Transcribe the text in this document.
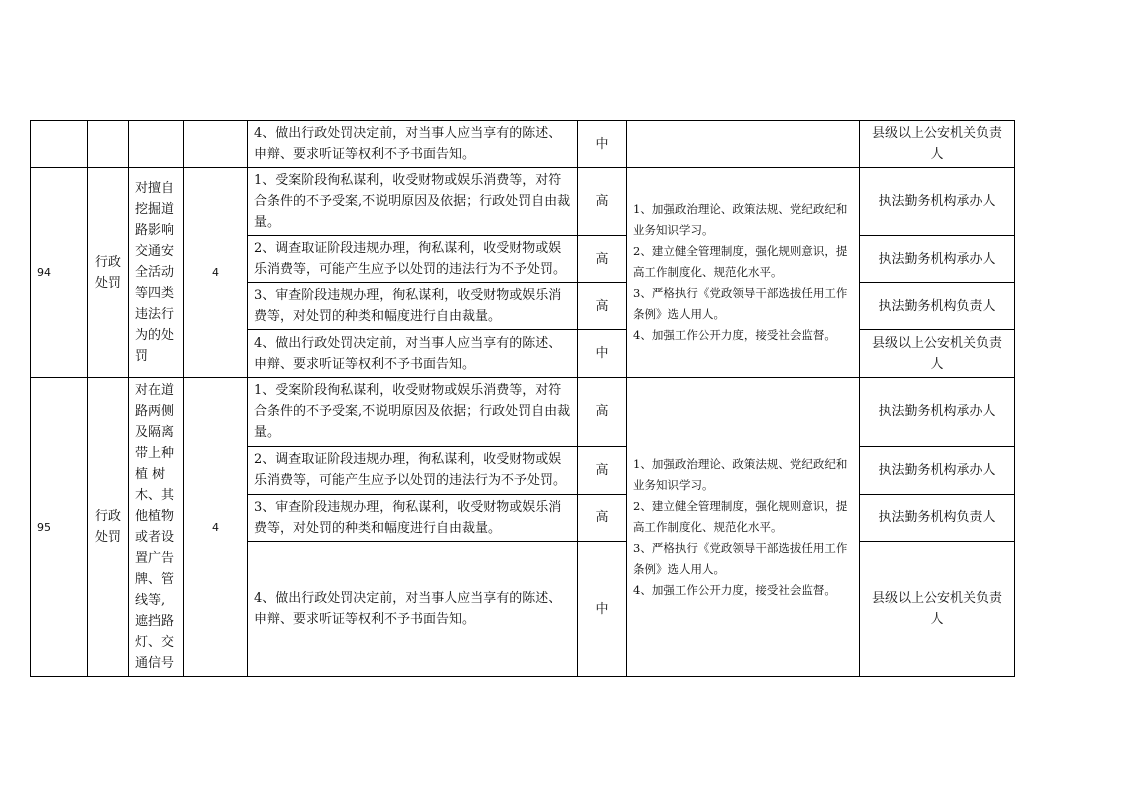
				4、做出行政处罚决定前，对当事人应当享有的陈述、申辩、要求听证等权利不予书面告知。	中		县级以上公安机关负责人
94	行政处罚	对擅自挖掘道路影响交通安全活动等四类违法行为的处罚	4	1、受案阶段徇私谋利，收受财物或娱乐消费等，对符合条件的不予受案,不说明原因及依据；行政处罚自由裁量。	高	1、加强政治理论、政策法规、党纪政纪和业务知识学习。
2、建立健全管理制度，强化规则意识，提高工作制度化、规范化水平。
3、严格执行《党政领导干部选拔任用工作条例》选人用人。
4、加强工作公开力度，接受社会监督。	执法勤务机构承办人
				2、调查取证阶段违规办理，徇私谋利，收受财物或娱乐消费等，可能产生应予以处罚的违法行为不予处罚。	高		执法勤务机构承办人
				3、审查阶段违规办理，徇私谋利，收受财物或娱乐消费等，对处罚的种类和幅度进行自由裁量。	高		执法勤务机构负责人
				4、做出行政处罚决定前，对当事人应当享有的陈述、申辩、要求听证等权利不予书面告知。	中		县级以上公安机关负责人
95	行政处罚	对在道路两侧及隔离带上种植 树木、其他植物或者设置广告牌、管线等,遮挡路灯、交通信号	4	1、受案阶段徇私谋利，收受财物或娱乐消费等，对符合条件的不予受案,不说明原因及依据；行政处罚自由裁量。	高	1、加强政治理论、政策法规、党纪政纪和业务知识学习。
2、建立健全管理制度，强化规则意识，提高工作制度化、规范化水平。
3、严格执行《党政领导干部选拔任用工作条例》选人用人。
4、加强工作公开力度，接受社会监督。	执法勤务机构承办人
				2、调查取证阶段违规办理，徇私谋利，收受财物或娱乐消费等，可能产生应予以处罚的违法行为不予处罚。	高		执法勤务机构承办人
				3、审查阶段违规办理，徇私谋利，收受财物或娱乐消费等，对处罚的种类和幅度进行自由裁量。	高		执法勤务机构负责人
				4、做出行政处罚决定前，对当事人应当享有的陈述、申辩、要求听证等权利不予书面告知。	中		县级以上公安机关负责人
